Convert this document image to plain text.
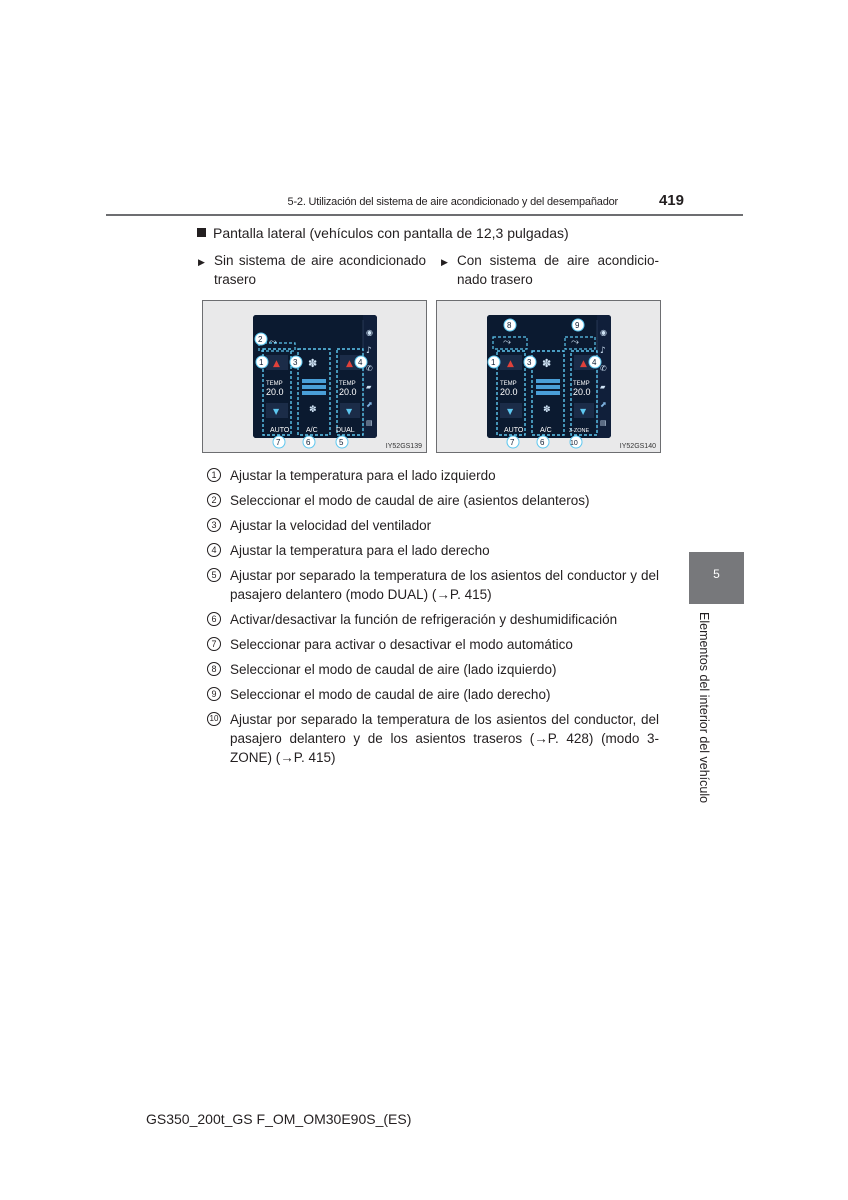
5-2. Utilización del sistema de aire acondicionado y del desempañador	419
Pantalla lateral (vehículos con pantalla de 12,3 pulgadas)
▶ Sin sistema de aire acondicionado trasero
▶ Con sistema de aire acondicio-nado trasero
⤳
▲	▲
✽
✽
TEMP
20.0
TEMP
20.0
▼	▼
AUTO A/C	DUAL
◉
♪
✆
▰
⬈
▤
2
1	3	4
7	6	5	IY52GS139
⤳	⤳
▲	▲
✽
✽
TEMP
20.0
TEMP
20.0
▼	▼
AUTO A/C	3-ZONE
◉
♪
✆
▰
⬈
▤
8	9
1	3	4
7	6	10	IY52GS140
1	Ajustar la temperatura para el lado izquierdo
2	Seleccionar el modo de caudal de aire (asientos delanteros)
3	Ajustar la velocidad del ventilador
4	Ajustar la temperatura para el lado derecho
5	Ajustar por separado la temperatura de los asientos del conductor y del pasajero delantero (modo DUAL) (→P. 415)
6	Activar/desactivar la función de refrigeración y deshumidificación
7	Seleccionar para activar o desactivar el modo automático
8	Seleccionar el modo de caudal de aire (lado izquierdo)
9	Seleccionar el modo de caudal de aire (lado derecho)
10 Ajustar por separado la temperatura de los asientos del conductor, del pasajero delantero y de los asientos traseros (→P. 428) (modo 3-ZONE) (→P. 415)
5
Elementos del interior del vehículo
GS350_200t_GS F_OM_OM30E90S_(ES)
